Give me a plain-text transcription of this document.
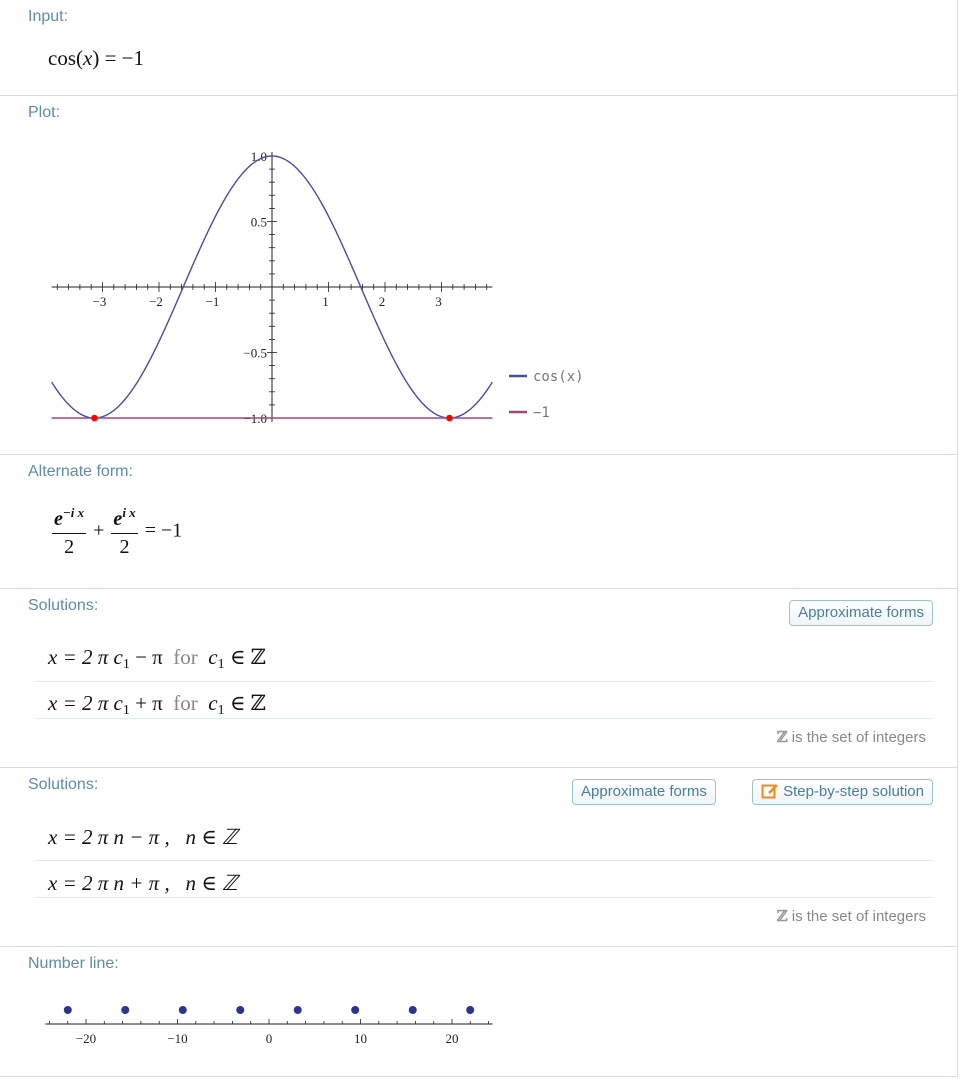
Input:
cos(x) = −1
Plot:
−3	−2	−1	1	2	3
1.0
0.5
−0.5
−1.0
cos(x)
−1
Alternate form:
$\frac{e^{-i x}}{2} + \frac{e^{i x}}{2} = -1$
Solutions:	Approximate forms
x = 2 π $c_1 - \pi$ for $c_1$ ∈ ℤ
x = 2 π $c_1 + \pi$ for $c_1$ ∈ ℤ
ℤ is the set of integers
Solutions:	Approximate forms	Step-by-step solution
x = 2 π n − π , n ∈ ℤ
x = 2 π n + π , n ∈ ℤ
ℤ is the set of integers
Number line:
−20	−10	0	10	20
